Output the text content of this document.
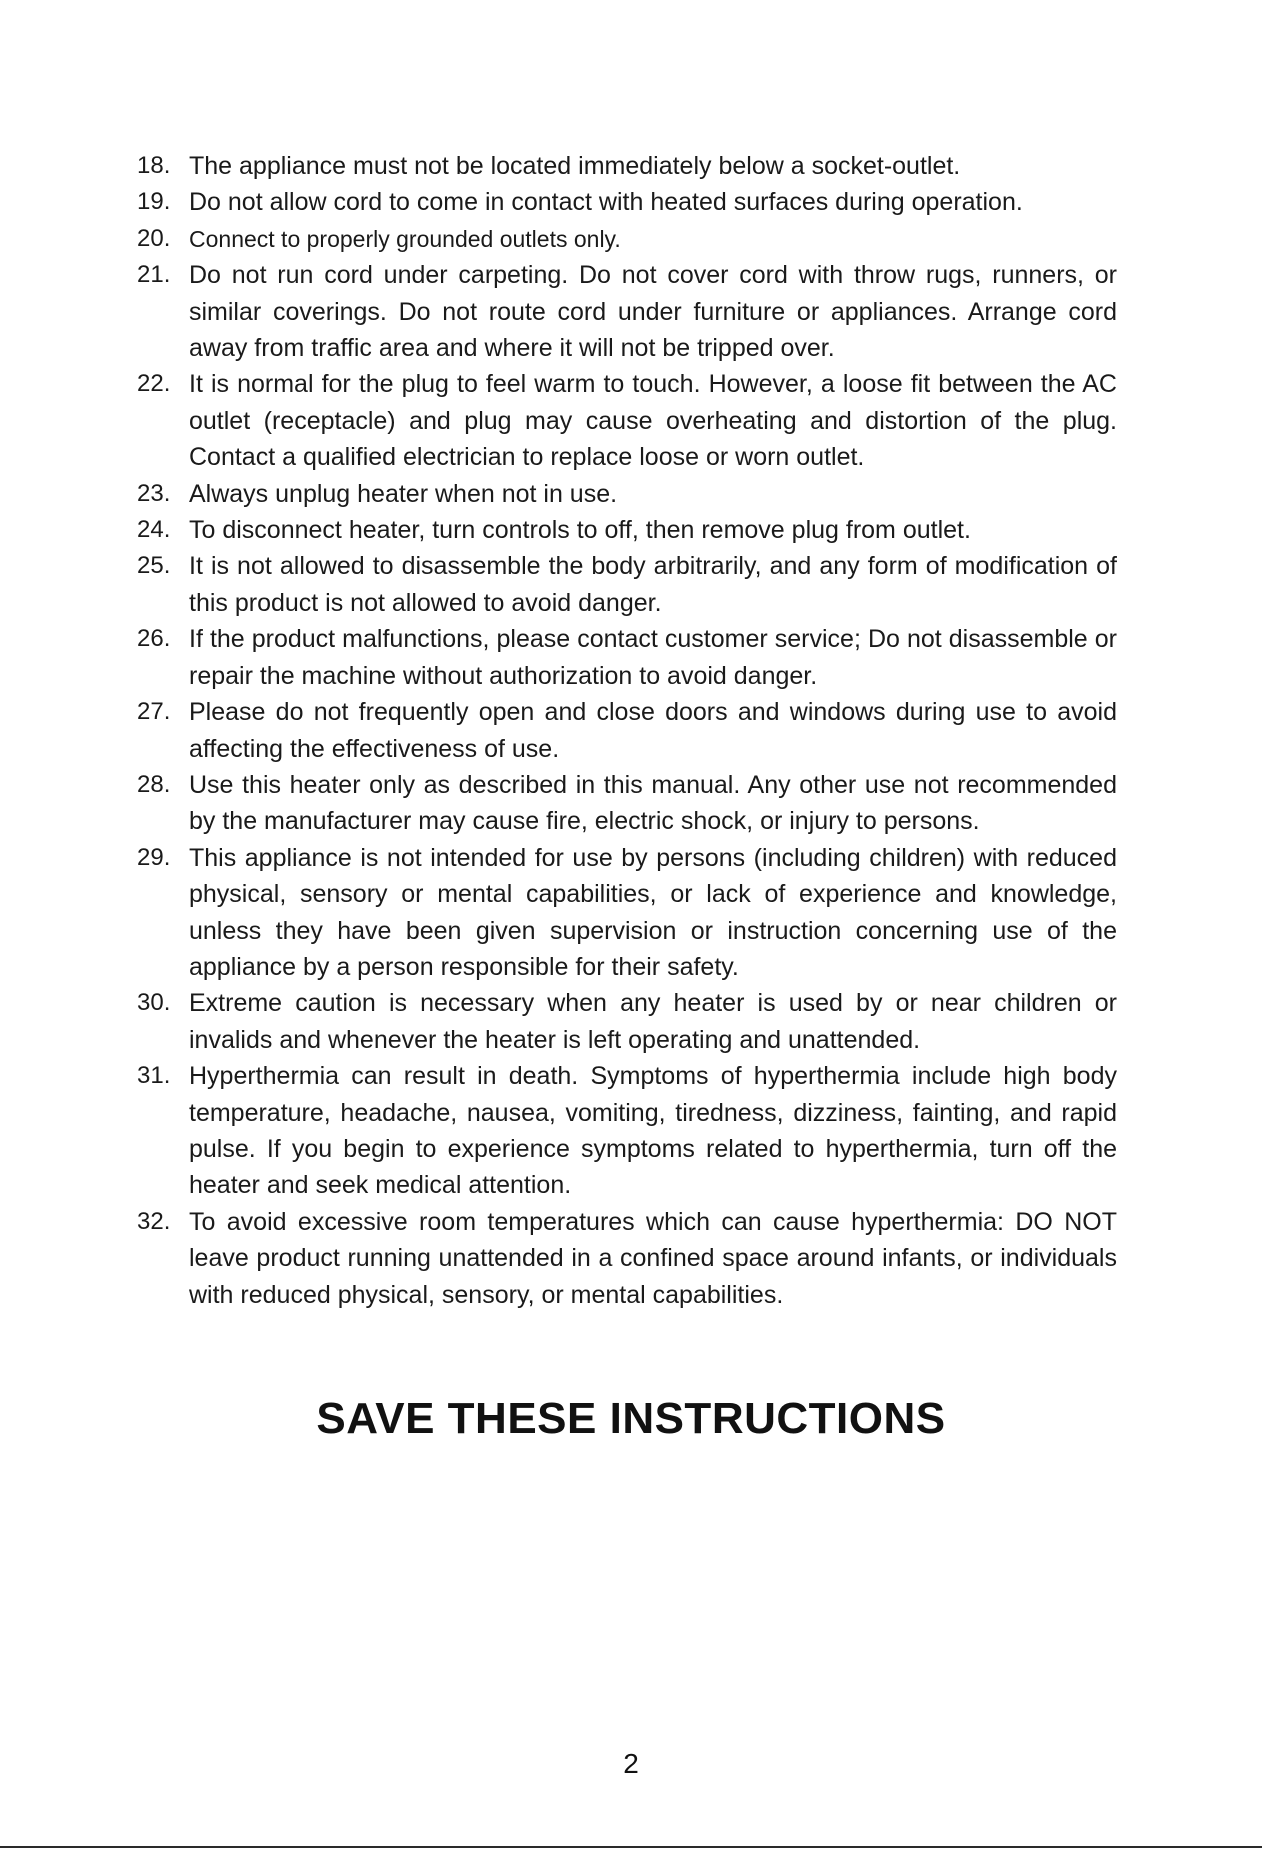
18. The appliance must not be located immediately below a socket-outlet.
19. Do not allow cord to come in contact with heated surfaces during operation.
20. Connect to properly grounded outlets only.
21. Do not run cord under carpeting. Do not cover cord with throw rugs, runners, or similar coverings. Do not route cord under furniture or appliances. Arrange cord away from traffic area and where it will not be tripped over.
22. It is normal for the plug to feel warm to touch. However, a loose fit between the AC outlet (receptacle) and plug may cause overheating and distortion of the plug. Contact a qualified electrician to replace loose or worn outlet.
23. Always unplug heater when not in use.
24. To disconnect heater, turn controls to off, then remove plug from outlet.
25. It is not allowed to disassemble the body arbitrarily, and any form of modification of this product is not allowed to avoid danger.
26. If the product malfunctions, please contact customer service; Do not disassemble or repair the machine without authorization to avoid danger.
27. Please do not frequently open and close doors and windows during use to avoid affecting the effectiveness of use.
28. Use this heater only as described in this manual. Any other use not recommended by the manufacturer may cause fire, electric shock, or injury to persons.
29. This appliance is not intended for use by persons (including children) with reduced physical, sensory or mental capabilities, or lack of experience and knowledge, unless they have been given supervision or instruction concerning use of the appliance by a person responsible for their safety.
30. Extreme caution is necessary when any heater is used by or near children or invalids and whenever the heater is left operating and unattended.
31. Hyperthermia can result in death. Symptoms of hyperthermia include high body temperature, headache, nausea, vomiting, tiredness, dizziness, fainting, and rapid pulse. If you begin to experience symptoms related to hyperthermia, turn off the heater and seek medical attention.
32. To avoid excessive room temperatures which can cause hyperthermia: DO NOT leave product running unattended in a confined space around infants, or individuals with reduced physical, sensory, or mental capabilities.
SAVE THESE INSTRUCTIONS
2
